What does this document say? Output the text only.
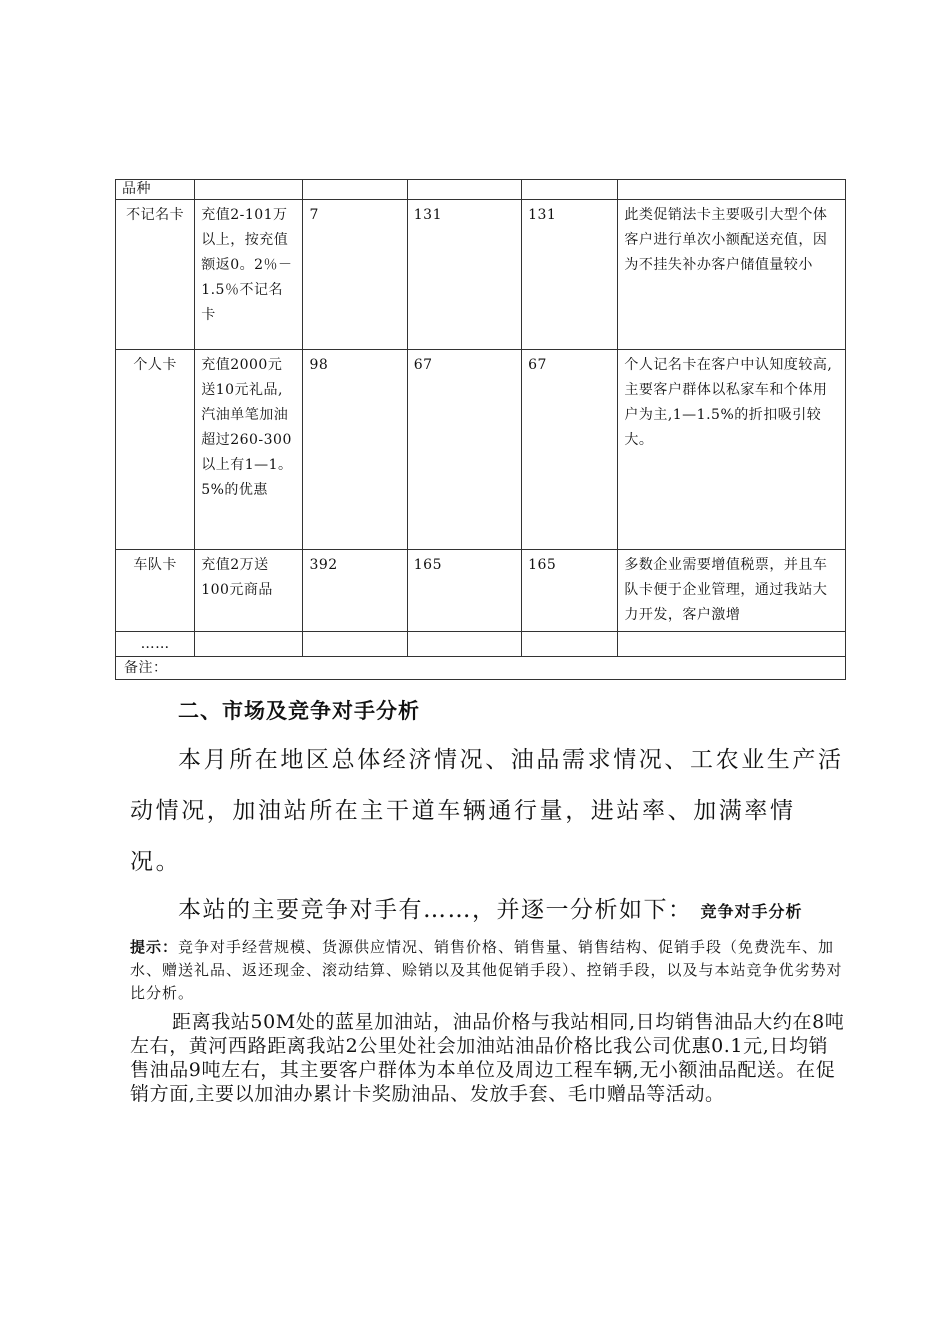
品种					
不记名卡	充值2-101万以上，按充值额返0。2％－1.5％不记名卡	7	131	131	此类促销法卡主要吸引大型个体客户进行单次小额配送充值，因为不挂失补办客户储值量较小
个人卡	充值2000元送10元礼品,汽油单笔加油超过260-300以上有1—1。5%的优惠	98	67	67	个人记名卡在客户中认知度较高,主要客户群体以私家车和个体用户为主,1—1.5%的折扣吸引较大。
车队卡	充值2万送100元商品	392	165	165	多数企业需要增值税票，并且车队卡便于企业管理，通过我站大力开发，客户激增
……					
备注：					
二、市场及竞争对手分析

本月所在地区总体经济情况、油品需求情况、工农业生产活动情况，加油站所在主干道车辆通行量，进站率、加满率情况。

本站的主要竞争对手有……，并逐一分析如下： 竞争对手分析

提示：竞争对手经营规模、货源供应情况、销售价格、销售量、销售结构、促销手段（免费洗车、加水、赠送礼品、返还现金、滚动结算、赊销以及其他促销手段）、控销手段，以及与本站竞争优劣势对比分析。

距离我站50M处的蓝星加油站，油品价格与我站相同,日均销售油品大约在8吨左右，黄河西路距离我站2公里处社会加油站油品价格比我公司优惠0.1元,日均销售油品9吨左右，其主要客户群体为本单位及周边工程车辆,无小额油品配送。在促销方面,主要以加油办累计卡奖励油品、发放手套、毛巾赠品等活动。
